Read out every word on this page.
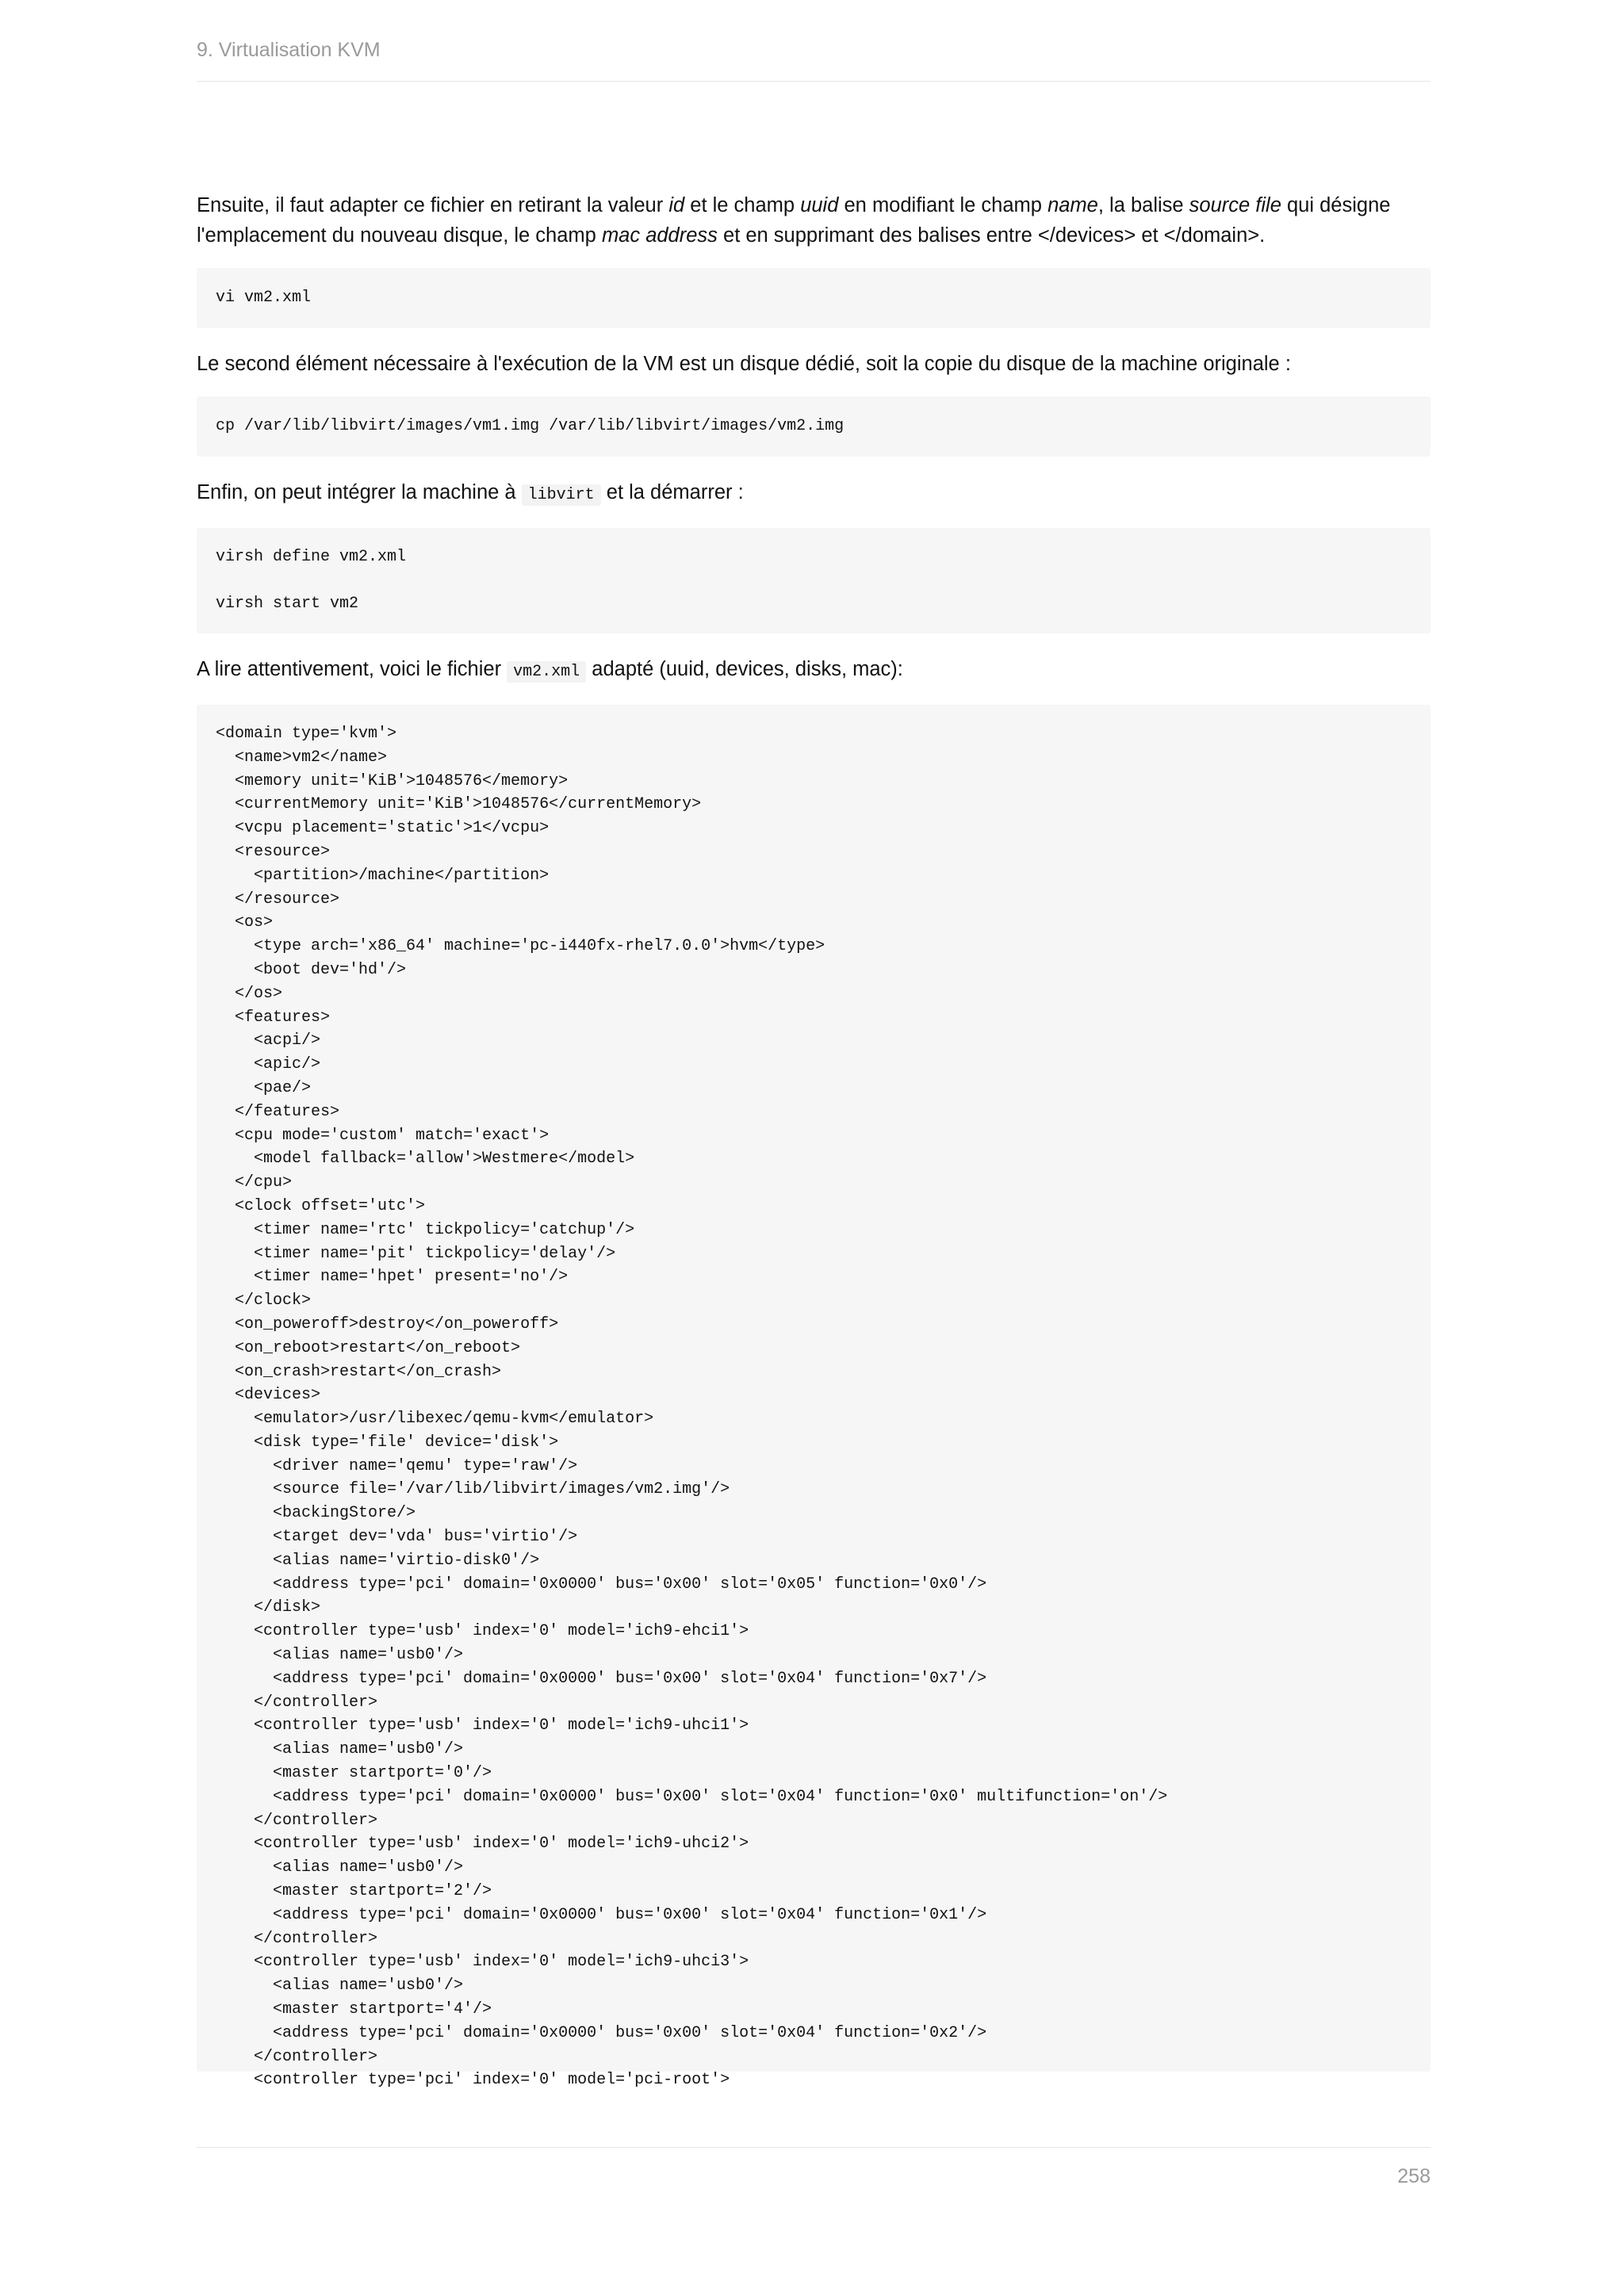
9. Virtualisation KVM

Ensuite, il faut adapter ce fichier en retirant la valeur id et le champ uuid en modifiant le champ name, la balise source file qui désigne l'emplacement du nouveau disque, le champ mac address et en supprimant des balises entre </devices> et </domain>.

vi vm2.xml

Le second élément nécessaire à l'exécution de la VM est un disque dédié, soit la copie du disque de la machine originale :

cp /var/lib/libvirt/images/vm1.img /var/lib/libvirt/images/vm2.img

Enfin, on peut intégrer la machine à libvirt et la démarrer :

virsh define vm2.xml

virsh start vm2

A lire attentivement, voici le fichier vm2.xml adapté (uuid, devices, disks, mac):

<domain type='kvm'>
<name>vm2</name>
<memory unit='KiB'>1048576</memory>
<currentMemory unit='KiB'>1048576</currentMemory>
<vcpu placement='static'>1</vcpu>
<resource>
<partition>/machine</partition>
</resource>
<os>
<type arch='x86_64' machine='pc-i440fx-rhel7.0.0'>hvm</type>
<boot dev='hd'/>
</os>
<features>
<acpi/>
<apic/>
<pae/>
</features>
<cpu mode='custom' match='exact'>
<model fallback='allow'>Westmere</model>
</cpu>
<clock offset='utc'>
<timer name='rtc' tickpolicy='catchup'/>
<timer name='pit' tickpolicy='delay'/>
<timer name='hpet' present='no'/>
</clock>
<on_poweroff>destroy</on_poweroff>
<on_reboot>restart</on_reboot>
<on_crash>restart</on_crash>
<devices>
<emulator>/usr/libexec/qemu-kvm</emulator>
<disk type='file' device='disk'>
<driver name='qemu' type='raw'/>
<source file='/var/lib/libvirt/images/vm2.img'/>
<backingStore/>
<target dev='vda' bus='virtio'/>
<alias name='virtio-disk0'/>
<address type='pci' domain='0x0000' bus='0x00' slot='0x05' function='0x0'/>
</disk>
<controller type='usb' index='0' model='ich9-ehci1'>
<alias name='usb0'/>
<address type='pci' domain='0x0000' bus='0x00' slot='0x04' function='0x7'/>
</controller>
<controller type='usb' index='0' model='ich9-uhci1'>
<alias name='usb0'/>
<master startport='0'/>
<address type='pci' domain='0x0000' bus='0x00' slot='0x04' function='0x0' multifunction='on'/>
</controller>
<controller type='usb' index='0' model='ich9-uhci2'>
<alias name='usb0'/>
<master startport='2'/>
<address type='pci' domain='0x0000' bus='0x00' slot='0x04' function='0x1'/>
</controller>
<controller type='usb' index='0' model='ich9-uhci3'>
<alias name='usb0'/>
<master startport='4'/>
<address type='pci' domain='0x0000' bus='0x00' slot='0x04' function='0x2'/>
</controller>
<controller type='pci' index='0' model='pci-root'>
258
